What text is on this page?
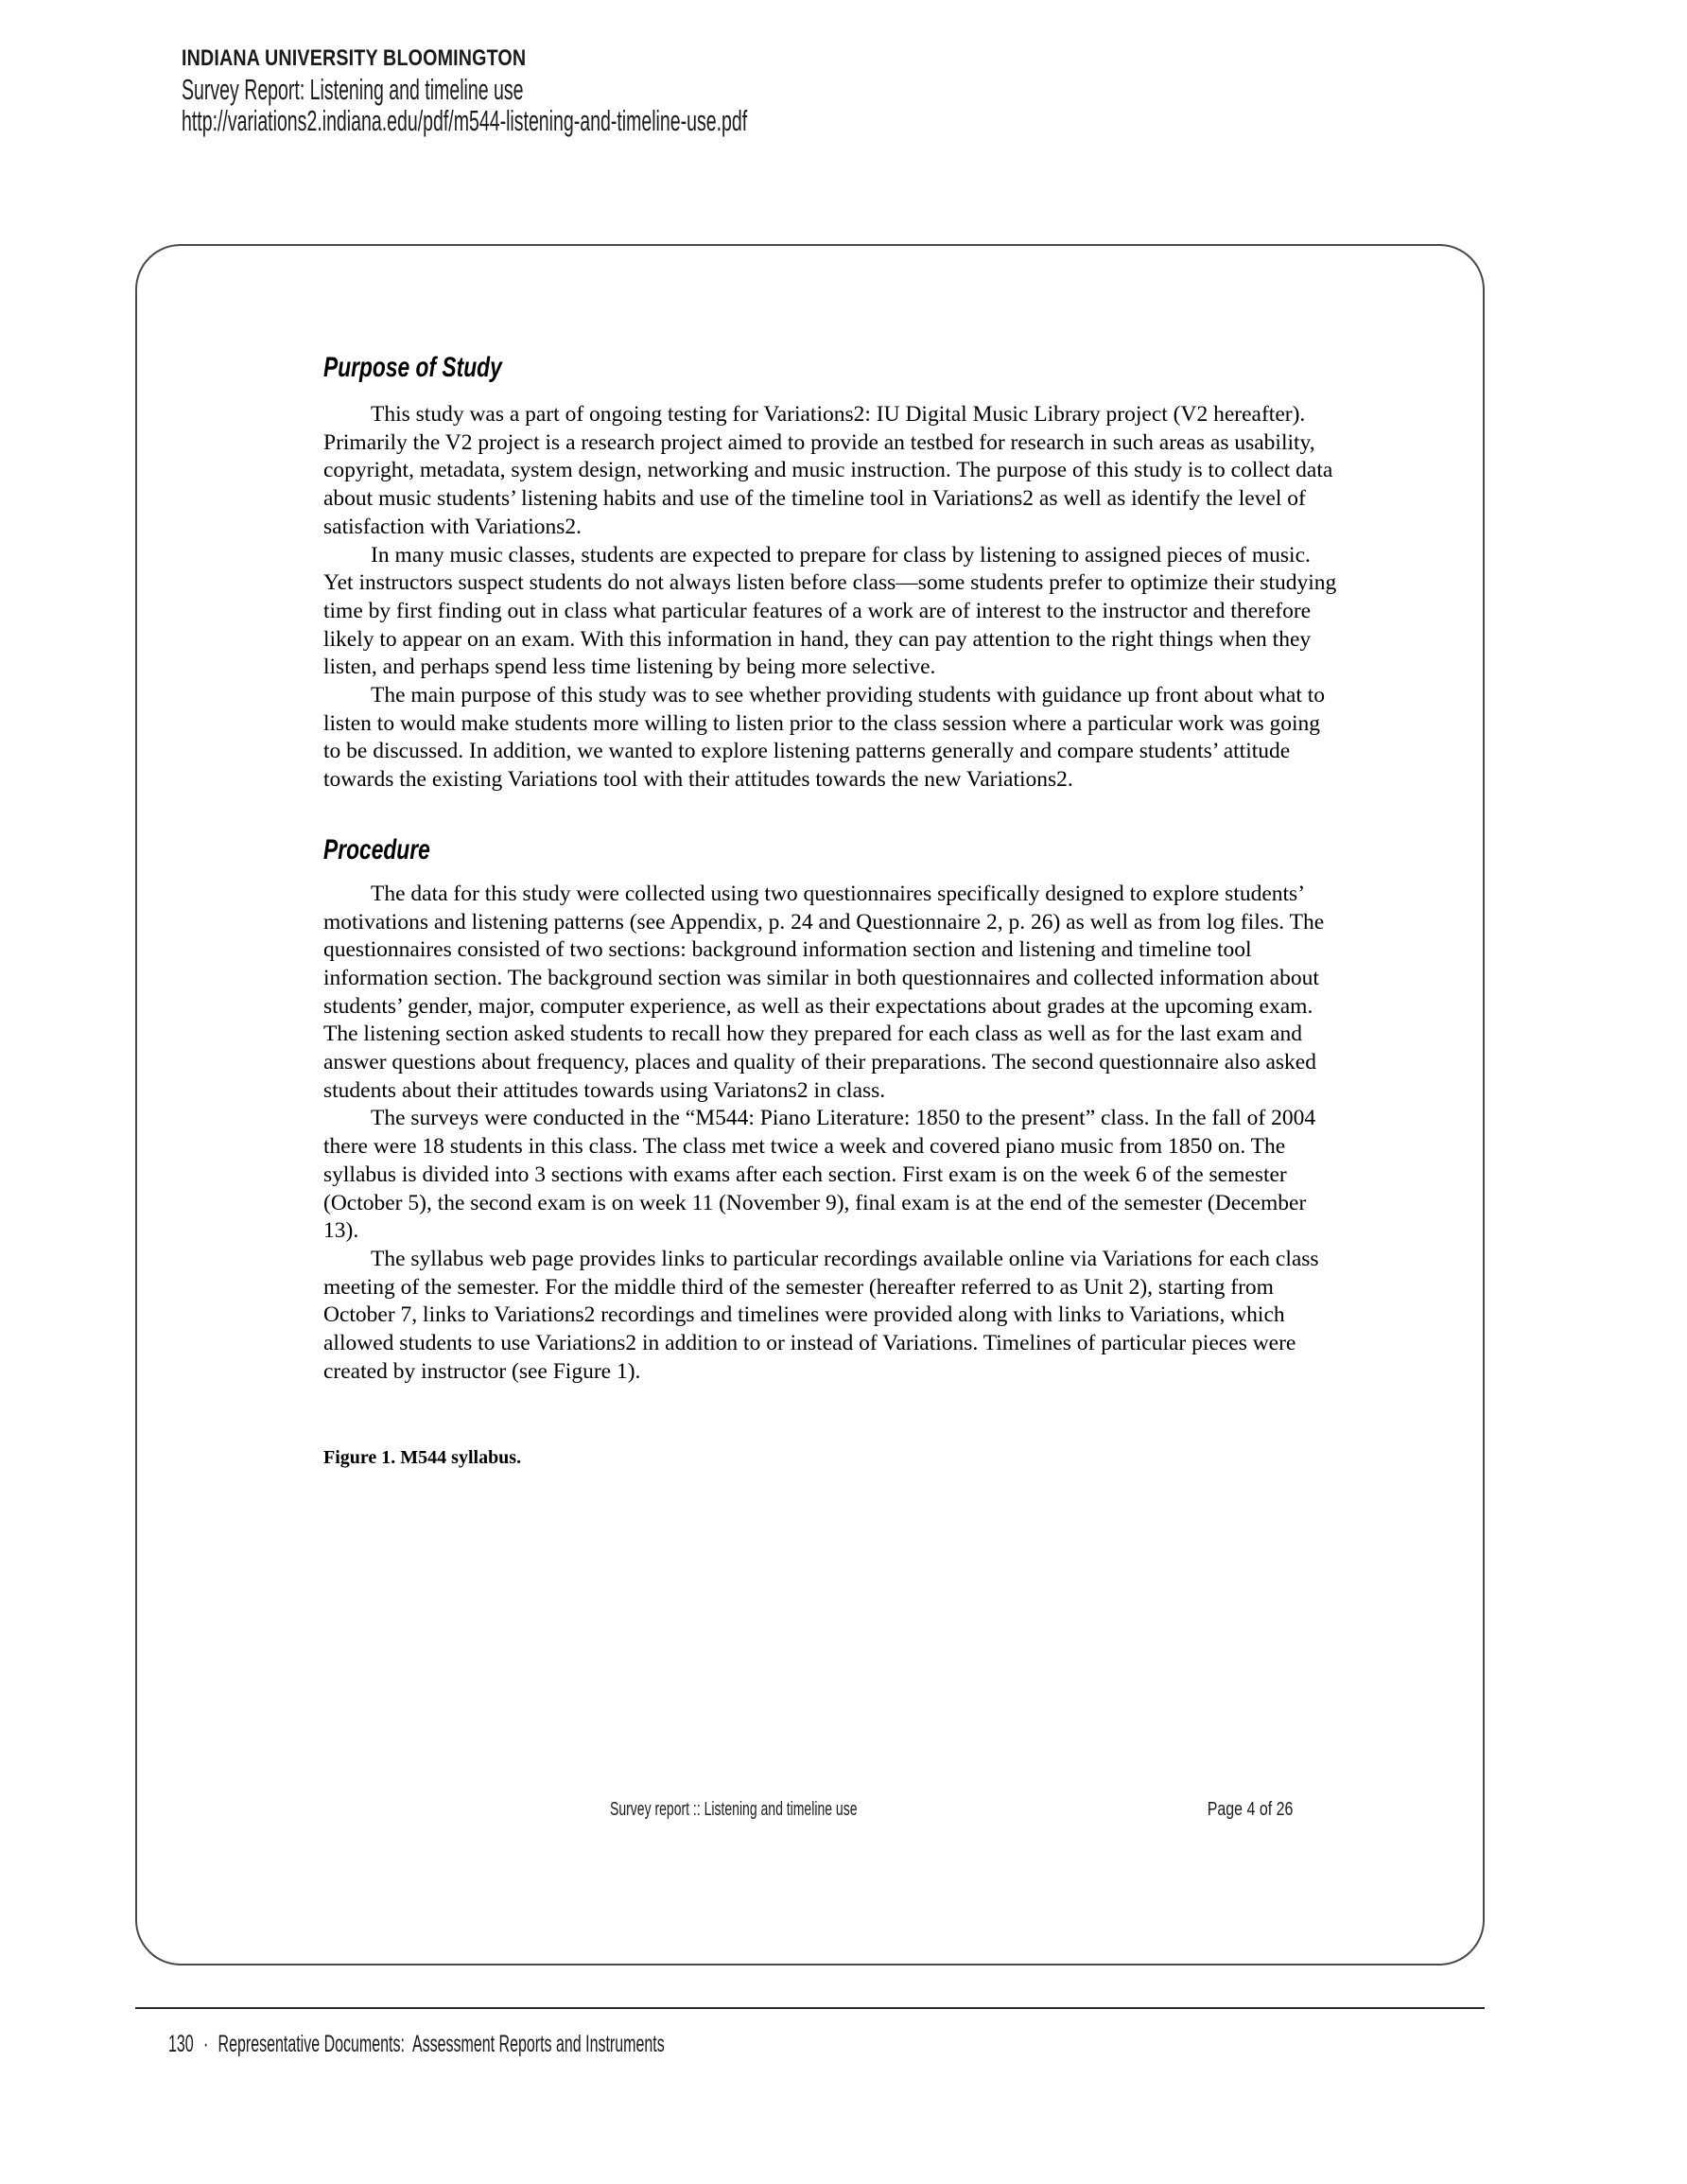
INDIANA UNIVERSITY BLOOMINGTON
Survey Report: Listening and timeline use
http://variations2.indiana.edu/pdf/m544-listening-and-timeline-use.pdf
Purpose of Study

This study was a part of ongoing testing for Variations2: IU Digital Music Library project (V2 hereafter). Primarily the V2 project is a research project aimed to provide an testbed for research in such areas as usability, copyright, metadata, system design, networking and music instruction. The purpose of this study is to collect data about music students’ listening habits and use of the timeline tool in Variations2 as well as identify the level of satisfaction with Variations2.

In many music classes, students are expected to prepare for class by listening to assigned pieces of music. Yet instructors suspect students do not always listen before class—some students prefer to optimize their studying time by first finding out in class what particular features of a work are of interest to the instructor and therefore likely to appear on an exam. With this information in hand, they can pay attention to the right things when they listen, and perhaps spend less time listening by being more selective.

The main purpose of this study was to see whether providing students with guidance up front about what to listen to would make students more willing to listen prior to the class session where a particular work was going to be discussed. In addition, we wanted to explore listening patterns generally and compare students’ attitude towards the existing Variations tool with their attitudes towards the new Variations2.

Procedure

The data for this study were collected using two questionnaires specifically designed to explore students’ motivations and listening patterns (see Appendix, p. 24 and Questionnaire 2, p. 26) as well as from log files. The questionnaires consisted of two sections: background information section and listening and timeline tool information section. The background section was similar in both questionnaires and collected information about students’ gender, major, computer experience, as well as their expectations about grades at the upcoming exam. The listening section asked students to recall how they prepared for each class as well as for the last exam and answer questions about frequency, places and quality of their preparations. The second questionnaire also asked students about their attitudes towards using Variatons2 in class.

The surveys were conducted in the “M544: Piano Literature: 1850 to the present” class. In the fall of 2004 there were 18 students in this class. The class met twice a week and covered piano music from 1850 on. The syllabus is divided into 3 sections with exams after each section. First exam is on the week 6 of the semester (October 5), the second exam is on week 11 (November 9), final exam is at the end of the semester (December 13).

The syllabus web page provides links to particular recordings available online via Variations for each class meeting of the semester. For the middle third of the semester (hereafter referred to as Unit 2), starting from October 7, links to Variations2 recordings and timelines were provided along with links to Variations, which allowed students to use Variations2 in addition to or instead of Variations. Timelines of particular pieces were created by instructor (see Figure 1).

Figure 1. M544 syllabus.
Survey report :: Listening and timeline use	Page 4 of 26
130 · Representative Documents:  Assessment Reports and Instruments
